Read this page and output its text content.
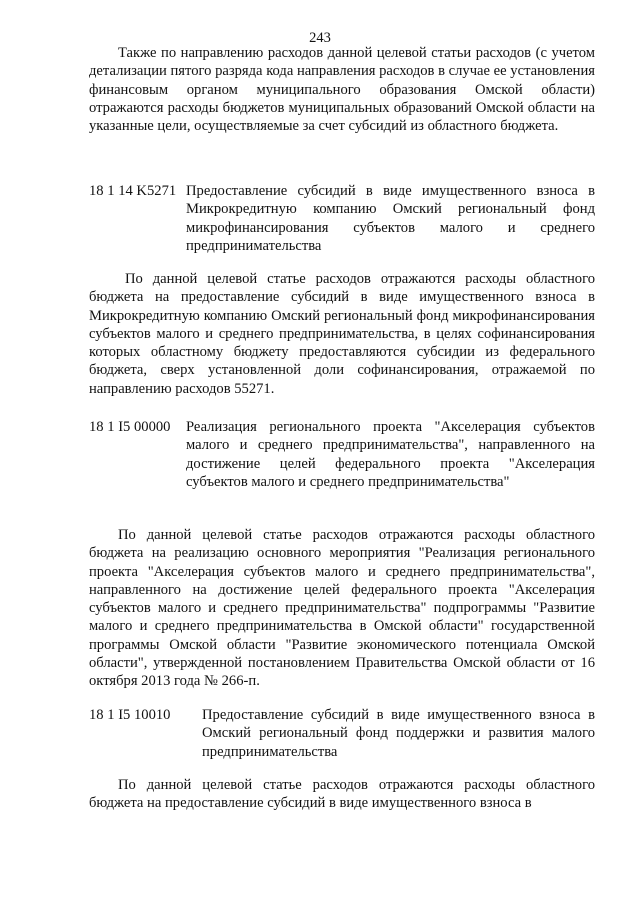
243

Также по направлению расходов данной целевой статьи расходов (с учетом детализации пятого разряда кода направления расходов в случае ее установления финансовым органом муниципального образования Омской области) отражаются расходы бюджетов муниципальных образований Омской области на указанные цели, осуществляемые за счет субсидий из областного бюджета.

18 1 14 K5271 Предоставление субсидий в виде имущественного взноса в Микрокредитную компанию Омский региональный фонд микрофинансирования субъектов малого и среднего предпринимательства

По данной целевой статье расходов отражаются расходы областного бюджета на предоставление субсидий в виде имущественного взноса в Микрокредитную компанию Омский региональный фонд микрофинансирования субъектов малого и среднего предпринимательства, в целях софинансирования которых областному бюджету предоставляются субсидии из федерального бюджета, сверх установленной доли софинансирования, отражаемой по направлению расходов 55271.

18 1 I5 00000	Реализация регионального проекта "Акселерация субъектов малого и среднего предпринимательства", направленного на достижение целей федерального проекта "Акселерация субъектов малого и среднего предпринимательства"

По данной целевой статье расходов отражаются расходы областного бюджета на реализацию основного мероприятия "Реализация регионального проекта "Акселерация субъектов малого и среднего предпринимательства", направленного на достижение целей федерального проекта "Акселерация субъектов малого и среднего предпринимательства" подпрограммы "Развитие малого и среднего предпринимательства в Омской области" государственной программы Омской области "Развитие экономического потенциала Омской области", утвержденной постановлением Правительства Омской области от 16 октября 2013 года № 266-п.

18 1 I5 10010	Предоставление субсидий в виде имущественного взноса в Омский региональный фонд поддержки и развития малого предпринимательства

По данной целевой статье расходов отражаются расходы областного бюджета на предоставление субсидий в виде имущественного взноса в
